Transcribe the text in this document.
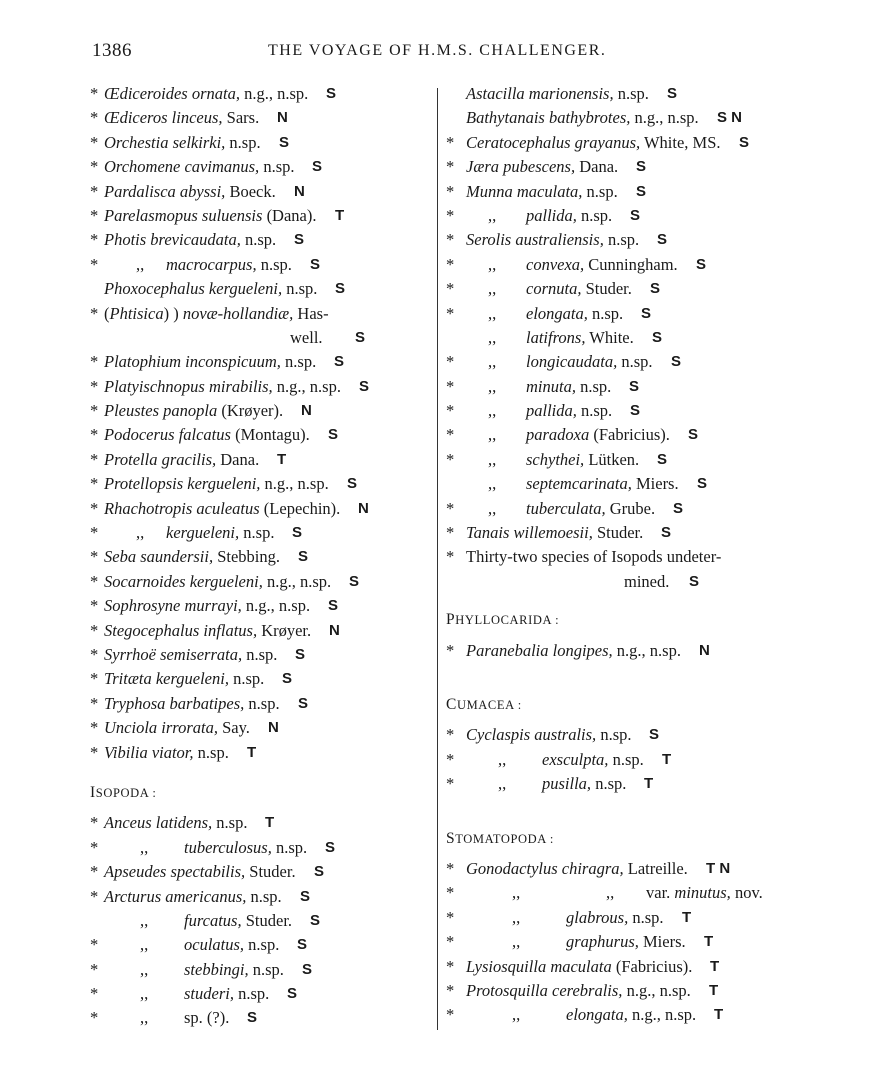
1386	THE VOYAGE OF H.M.S. CHALLENGER.
* Œdiceroides ornata, n.g., n.sp. S
* Œdiceros linceus, Sars. N
* Orchestia selkirki, n.sp. S
* Orchomene cavimanus, n.sp. S
* Pardalisca abyssi, Boeck. N
* Parelasmopus suluensis (Dana). T
* Photis brevicaudata, n.sp. S
* ,, macrocarpus, n.sp. S
Phoxocephalus kergueleni, n.sp. S
* (Phtisica) ) novæ-hollandiæ, Has-
well. S
* Platophium inconspicuum, n.sp. S
* Platyischnopus mirabilis, n.g., n.sp. S
* Pleustes panopla (Krøyer). N
* Podocerus falcatus (Montagu). S
* Protella gracilis, Dana. T
* Protellopsis kergueleni, n.g., n.sp. S
* Rhachotropis aculeatus (Lepechin). N
* ,, kergueleni, n.sp. S
* Seba saundersii, Stebbing. S
* Socarnoides kergueleni, n.g., n.sp. S
* Sophrosyne murrayi, n.g., n.sp. S
* Stegocephalus inflatus, Krøyer. N
* Syrrhoë semiserrata, n.sp. S
* Tritæta kergueleni, n.sp. S
* Tryphosa barbatipes, n.sp. S
* Unciola irrorata, Say. N
* Vibilia viator, n.sp. T
ISOPODA :
* Anceus latidens, n.sp. T
*	,, tuberculosus, n.sp. S
* Apseudes spectabilis, Studer. S
* Arcturus americanus, n.sp. S
,, furcatus, Studer. S
*	,, oculatus, n.sp. S
*	,, stebbingi, n.sp. S
*	,, studeri, n.sp. S
*	,, sp. (?). S
Astacilla marionensis, n.sp. S
Bathytanais bathybrotes, n.g., n.sp. S N
* Ceratocephalus grayanus, White, MS. S
* Jæra pubescens, Dana. S
* Munna maculata, n.sp. S
* ,, pallida, n.sp. S
* Serolis australiensis, n.sp. S
* ,, convexa, Cunningham. S
* ,, cornuta, Studer. S
* ,, elongata, n.sp. S
,, latifrons, White. S
* ,, longicaudata, n.sp. S
* ,, minuta, n.sp. S
* ,, pallida, n.sp. S
* ,, paradoxa (Fabricius). S
* ,, schythei, Lütken. S
,, septemcarinata, Miers. S
* ,, tuberculata, Grube. S
* Tanais willemoesii, Studer. S
* Thirty-two species of Isopods undeter-
mined. S
PHYLLOCARIDA :
* Paranebalia longipes, n.g., n.sp. N
CUMACEA :
* Cyclaspis australis, n.sp. S
*	,, exsculpta, n.sp. T
*	,, pusilla, n.sp. T
STOMATOPODA :
* Gonodactylus chiragra, Latreille. T N
*	,,	,, var. minutus, nov.
*	,,	glabrous, n.sp. T
*	,,	graphurus, Miers. T
* Lysiosquilla maculata (Fabricius). T
* Protosquilla cerebralis, n.g., n.sp. T
*	,,	elongata, n.g., n.sp. T
